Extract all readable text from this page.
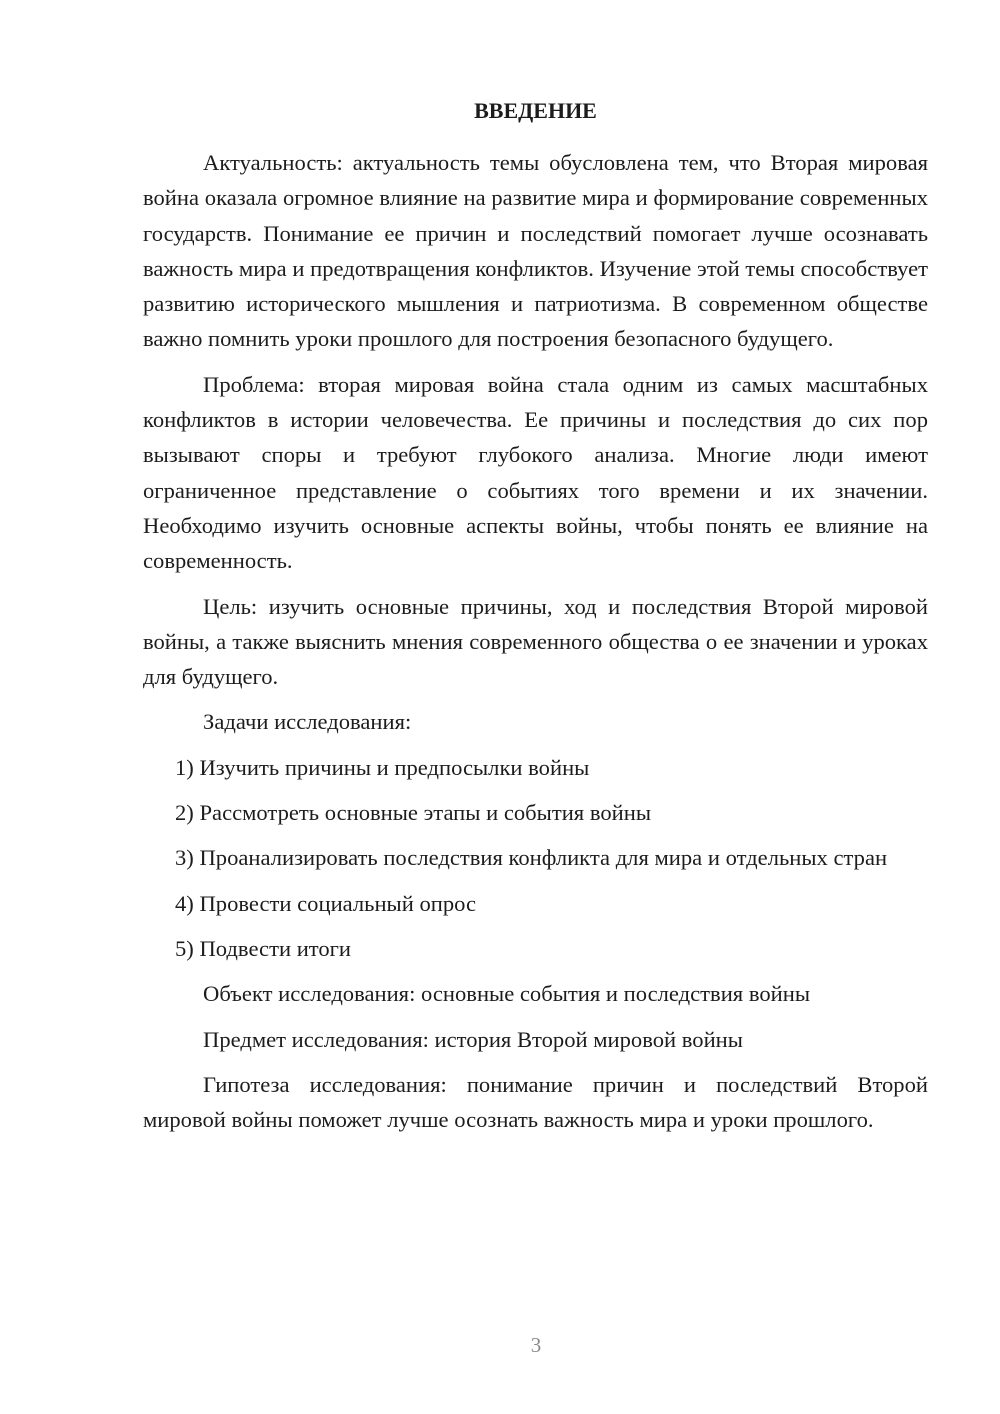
ВВЕДЕНИЕ

Актуальность: актуальность темы обусловлена тем, что Вторая мировая война оказала огромное влияние на развитие мира и формирование современных государств. Понимание ее причин и последствий помогает лучше осознавать важность мира и предотвращения конфликтов. Изучение этой темы способствует развитию исторического мышления и патриотизма. В современном обществе важно помнить уроки прошлого для построения безопасного будущего.

Проблема: вторая мировая война стала одним из самых масштабных конфликтов в истории человечества. Ее причины и последствия до сих пор вызывают споры и требуют глубокого анализа. Многие люди имеют ограниченное представление о событиях того времени и их значении. Необходимо изучить основные аспекты войны, чтобы понять ее влияние на современность.

Цель: изучить основные причины, ход и последствия Второй мировой войны, а также выяснить мнения современного общества о ее значении и уроках для будущего.

Задачи исследования:

1) Изучить причины и предпосылки войны

2) Рассмотреть основные этапы и события войны

3) Проанализировать последствия конфликта для мира и отдельных стран

4) Провести социальный опрос

5) Подвести итоги

Объект исследования: основные события и последствия войны

Предмет исследования: история Второй мировой войны

Гипотеза исследования: понимание причин и последствий Второй мировой войны поможет лучше осознать важность мира и уроки прошлого.

3
